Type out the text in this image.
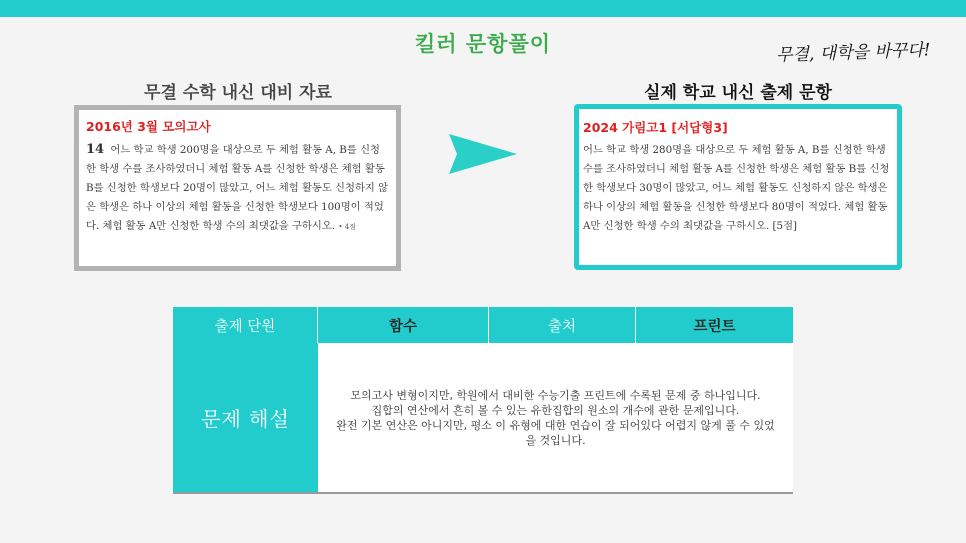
킬러 문항풀이	무결, 대학을 바꾸다!
무결 수학 내신 대비 자료	실제 학교 내신 출제 문항
2016년 3월 모의고사
14 어느 학교 학생 200명을 대상으로 두 체험 활동 A, B를 신청한 학생 수를 조사하였더니 체험 활동 A를 신청한 학생은 체험 활동 B를 신청한 학생보다 20명이 많았고, 어느 체험 활동도 신청하지 않은 학생은 하나 이상의 체험 활동을 신청한 학생보다 100명이 적었다. 체험 활동 A만 신청한 학생 수의 최댓값을 구하시오. • 4점
2024 가림고1 [서답형3]
어느 학교 학생 280명을 대상으로 두 체험 활동 A, B를 신청한 학생 수를 조사하였더니 체험 활동 A를 신청한 학생은 체험 활동 B를 신청한 학생보다 30명이 많았고, 어느 체험 활동도 신청하지 않은 학생은 하나 이상의 체험 활동을 신청한 학생보다 80명이 적었다. 체험 활동 A만 신청한 학생 수의 최댓값을 구하시오. [5점]
출제 단원	함수	출처	프린트
문제 해설
모의고사 변형이지만, 학원에서 대비한 수능기출 프린트에 수록된 문제 중 하나입니다.
집합의 연산에서 흔히 볼 수 있는 유한집합의 원소의 개수에 관한 문제입니다.
완전 기본 연산은 아니지만, 평소 이 유형에 대한 연습이 잘 되어있다 어렵지 않게 풀 수 있었
을 것입니다.
